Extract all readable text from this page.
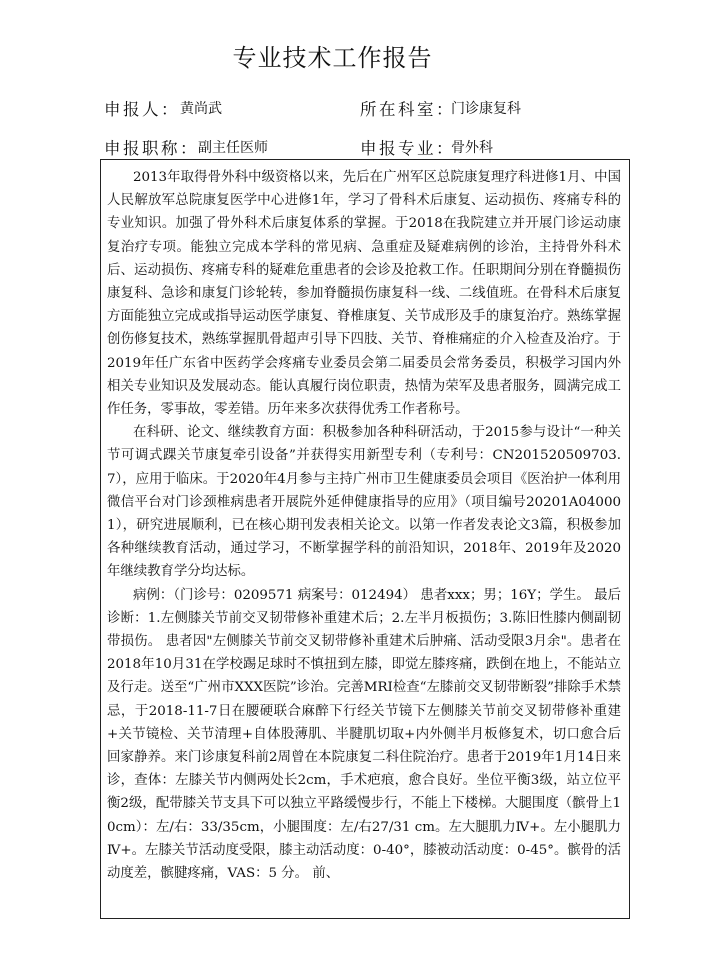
专业技术工作报告
申报人： 黄尚武	所在科室：
门诊康复科
申报职称： 副主任医师	申报专业：
骨外科

2013年取得骨外科中级资格以来，先后在广州军区总院康复理疗科进修1月、中国人民解放军总院康复医学中心进修1年，学习了骨科术后康复、运动损伤、疼痛专科的专业知识。加强了骨外科术后康复体系的掌握。于2018在我院建立并开展门诊运动康复治疗专项。能独立完成本学科的常见病、急重症及疑难病例的诊治，主持骨外科术后、运动损伤、疼痛专科的疑难危重患者的会诊及抢救工作。任职期间分别在脊髓损伤康复科、急诊和康复门诊轮转，参加脊髓损伤康复科一线、二线值班。在骨科术后康复方面能独立完成或指导运动医学康复、脊椎康复、关节成形及手的康复治疗。熟练掌握创伤修复技术，熟练掌握肌骨超声引导下四肢、关节、脊椎痛症的介入检查及治疗。于2019年任广东省中医药学会疼痛专业委员会第二届委员会常务委员，积极学习国内外相关专业知识及发展动态。能认真履行岗位职责，热情为荣军及患者服务，圆满完成工作任务，零事故，零差错。历年来多次获得优秀工作者称号。

在科研、论文、继续教育方面：积极参加各种科研活动，于2015参与设计“一种关节可调式踝关节康复牵引设备”并获得实用新型专利（专利号：CN201520509703.7），应用于临床。于2020年4月参与主持广州市卫生健康委员会项目《医治护一体利用微信平台对门诊颈椎病患者开展院外延伸健康指导的应用》（项目编号20201A040001），研究进展顺利，已在核心期刊发表相关论文。以第一作者发表论文3篇，积极参加各种继续教育活动，通过学习，不断掌握学科的前沿知识，2018年、2019年及2020年继续教育学分均达标。

病例：（门诊号：0209571 病案号：012494） 患者xxx；男；16Y；学生。 最后诊断：1.左侧膝关节前交叉韧带修补重建术后；2.左半月板损伤；3.陈旧性膝内侧副韧带损伤。 患者因"左侧膝关节前交叉韧带修补重建术后肿痛、活动受限3月余"。患者在2018年10月31在学校踢足球时不慎扭到左膝，即觉左膝疼痛，跌倒在地上，不能站立及行走。送至“广州市XXX医院”诊治。完善MRI检查“左膝前交叉韧带断裂”排除手术禁忌，于2018-11-7日在腰硬联合麻醉下行经关节镜下左侧膝关节前交叉韧带修补重建+关节镜检、关节清理+自体股薄肌、半腱肌切取+内外侧半月板修复术，切口愈合后回家静养。来门诊康复科前2周曾在本院康复二科住院治疗。患者于2019年1月14日来诊，查体：左膝关节内侧两处长2cm，手术疤痕，愈合良好。坐位平衡3级，站立位平衡2级，配带膝关节支具下可以独立平路缓慢步行，不能上下楼梯。大腿围度（髌骨上10cm）：左/右：33/35cm，小腿围度：左/右27/31 cm。左大腿肌力Ⅳ+。左小腿肌力Ⅳ+。左膝关节活动度受限，膝主动活动度：0-40°，膝被动活动度：0-45°。髌骨的活动度差，髌腱疼痛，VAS：5 分。 前、
